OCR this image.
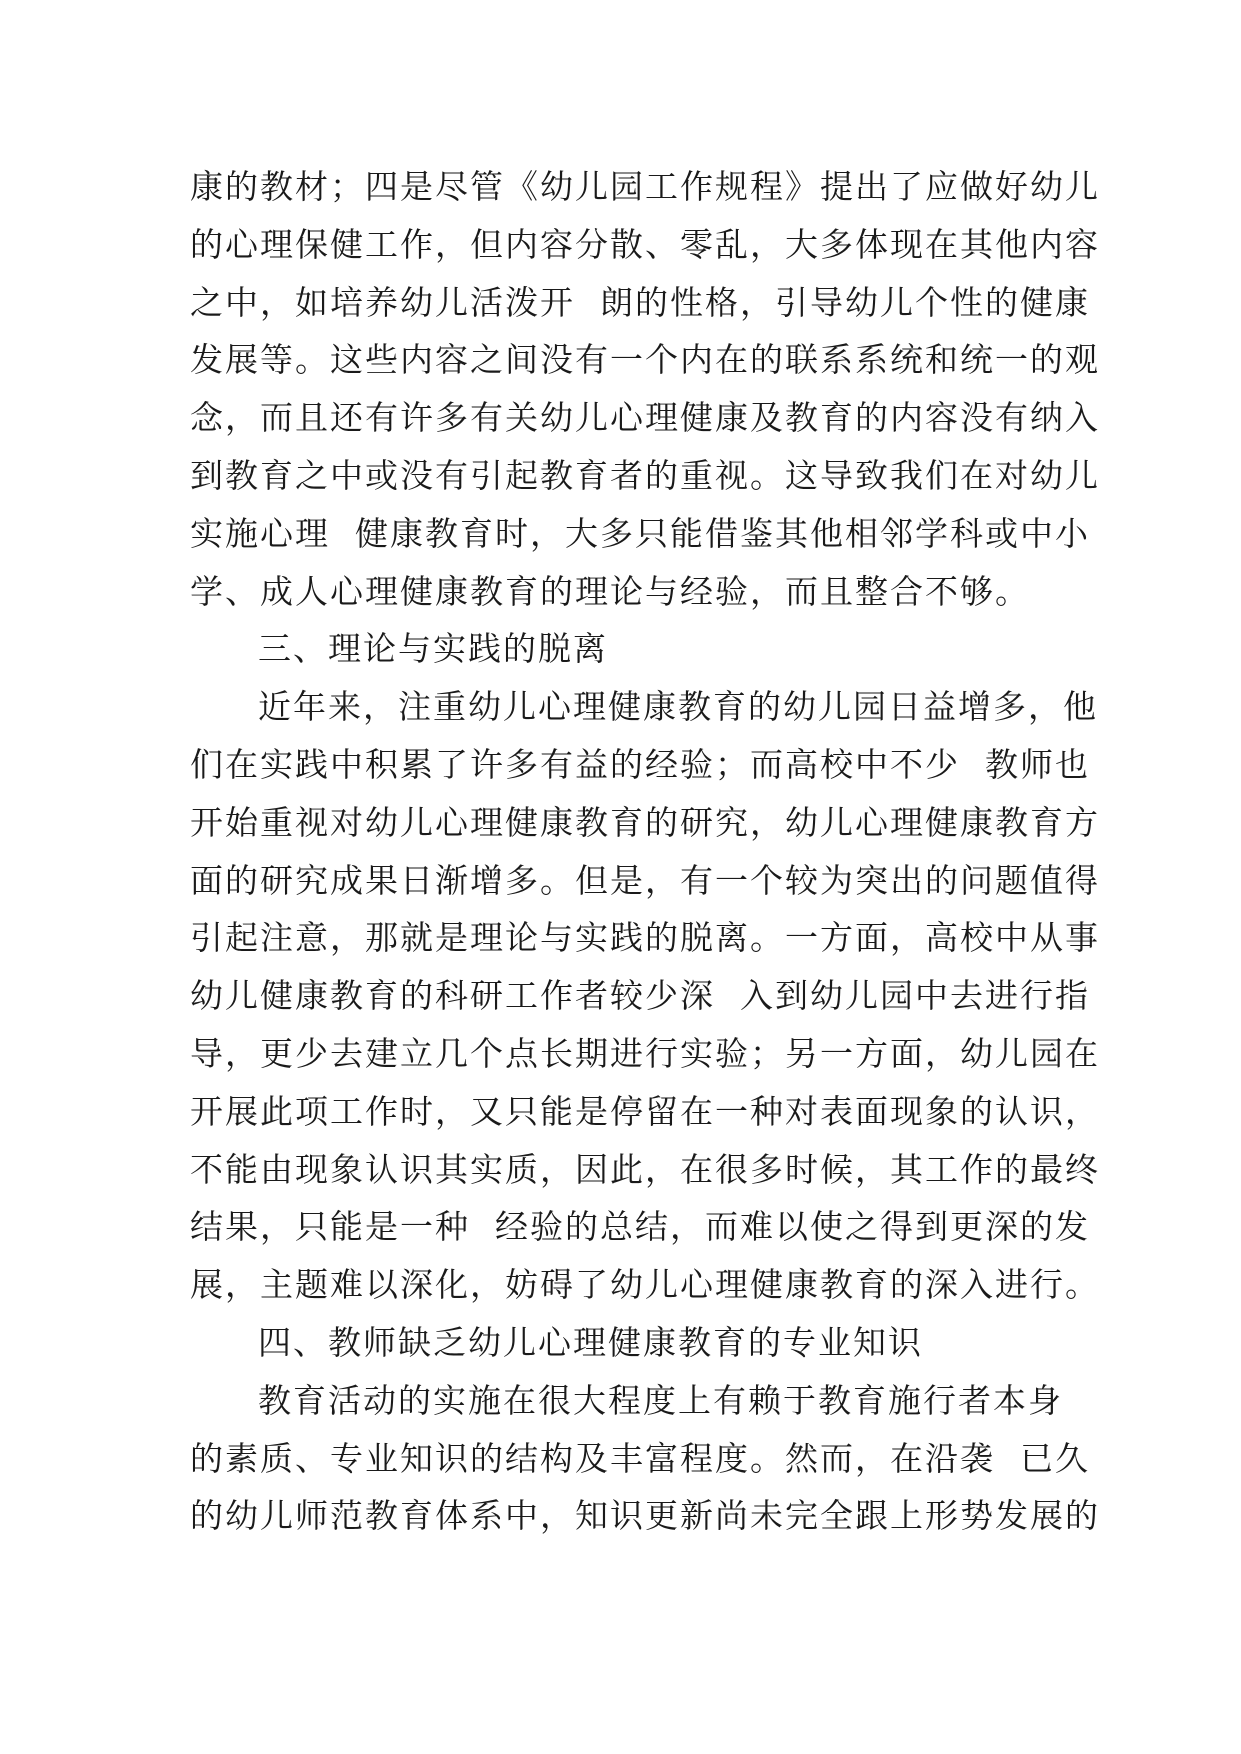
康的教材；四是尽管《幼儿园工作规程》提出了应做好幼儿
的心理保健工作，但内容分散、零乱，大多体现在其他内容
之中，如培养幼儿活泼开  朗的性格，引导幼儿个性的健康
发展等。这些内容之间没有一个内在的联系系统和统一的观
念，而且还有许多有关幼儿心理健康及教育的内容没有纳入
到教育之中或没有引起教育者的重视。这导致我们在对幼儿
实施心理  健康教育时，大多只能借鉴其他相邻学科或中小
学、成人心理健康教育的理论与经验，而且整合不够。
三、理论与实践的脱离
近年来，注重幼儿心理健康教育的幼儿园日益增多，他
们在实践中积累了许多有益的经验；而高校中不少  教师也
开始重视对幼儿心理健康教育的研究，幼儿心理健康教育方
面的研究成果日渐增多。但是，有一个较为突出的问题值得
引起注意，那就是理论与实践的脱离。一方面，高校中从事
幼儿健康教育的科研工作者较少深  入到幼儿园中去进行指
导，更少去建立几个点长期进行实验；另一方面，幼儿园在
开展此项工作时，又只能是停留在一种对表面现象的认识，
不能由现象认识其实质，因此，在很多时候，其工作的最终
结果，只能是一种  经验的总结，而难以使之得到更深的发
展，主题难以深化，妨碍了幼儿心理健康教育的深入进行。
四、教师缺乏幼儿心理健康教育的专业知识
教育活动的实施在很大程度上有赖于教育施行者本身
的素质、专业知识的结构及丰富程度。然而，在沿袭  已久
的幼儿师范教育体系中，知识更新尚未完全跟上形势发展的
